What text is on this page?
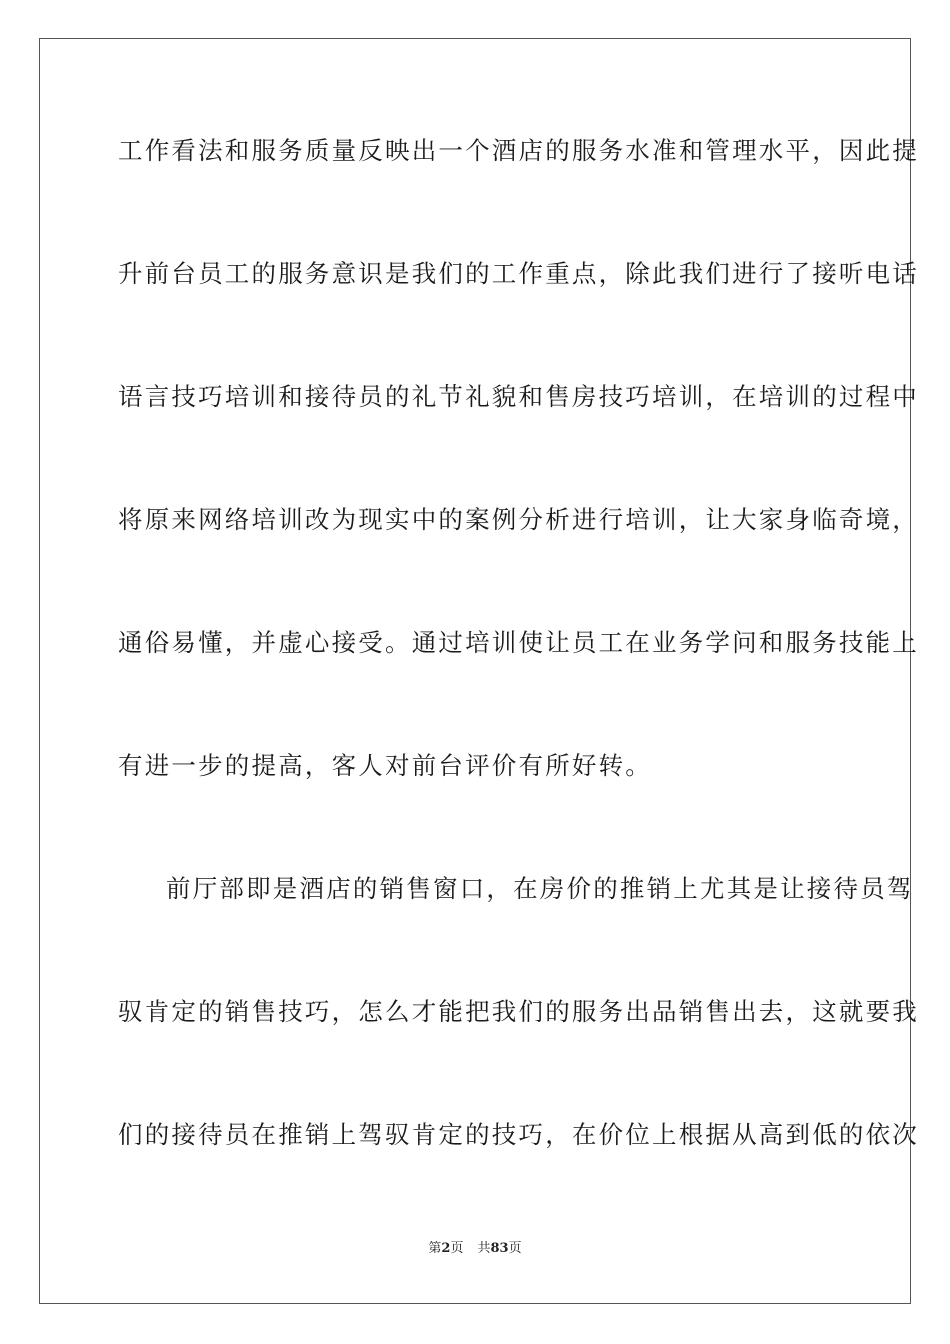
工作看法和服务质量反映出一个酒店的服务水准和管理水平，因此提
升前台员工的服务意识是我们的工作重点，除此我们进行了接听电话
语言技巧培训和接待员的礼节礼貌和售房技巧培训，在培训的过程中
将原来网络培训改为现实中的案例分析进行培训，让大家身临奇境，
通俗易懂，并虚心接受。通过培训使让员工在业务学问和服务技能上
有进一步的提高，客人对前台评价有所好转。
前厅部即是酒店的销售窗口，在房价的推销上尤其是让接待员驾
驭肯定的销售技巧，怎么才能把我们的服务出品销售出去，这就要我
们的接待员在推销上驾驭肯定的技巧，在价位上根据从高到低的依次
第2页 共83页
